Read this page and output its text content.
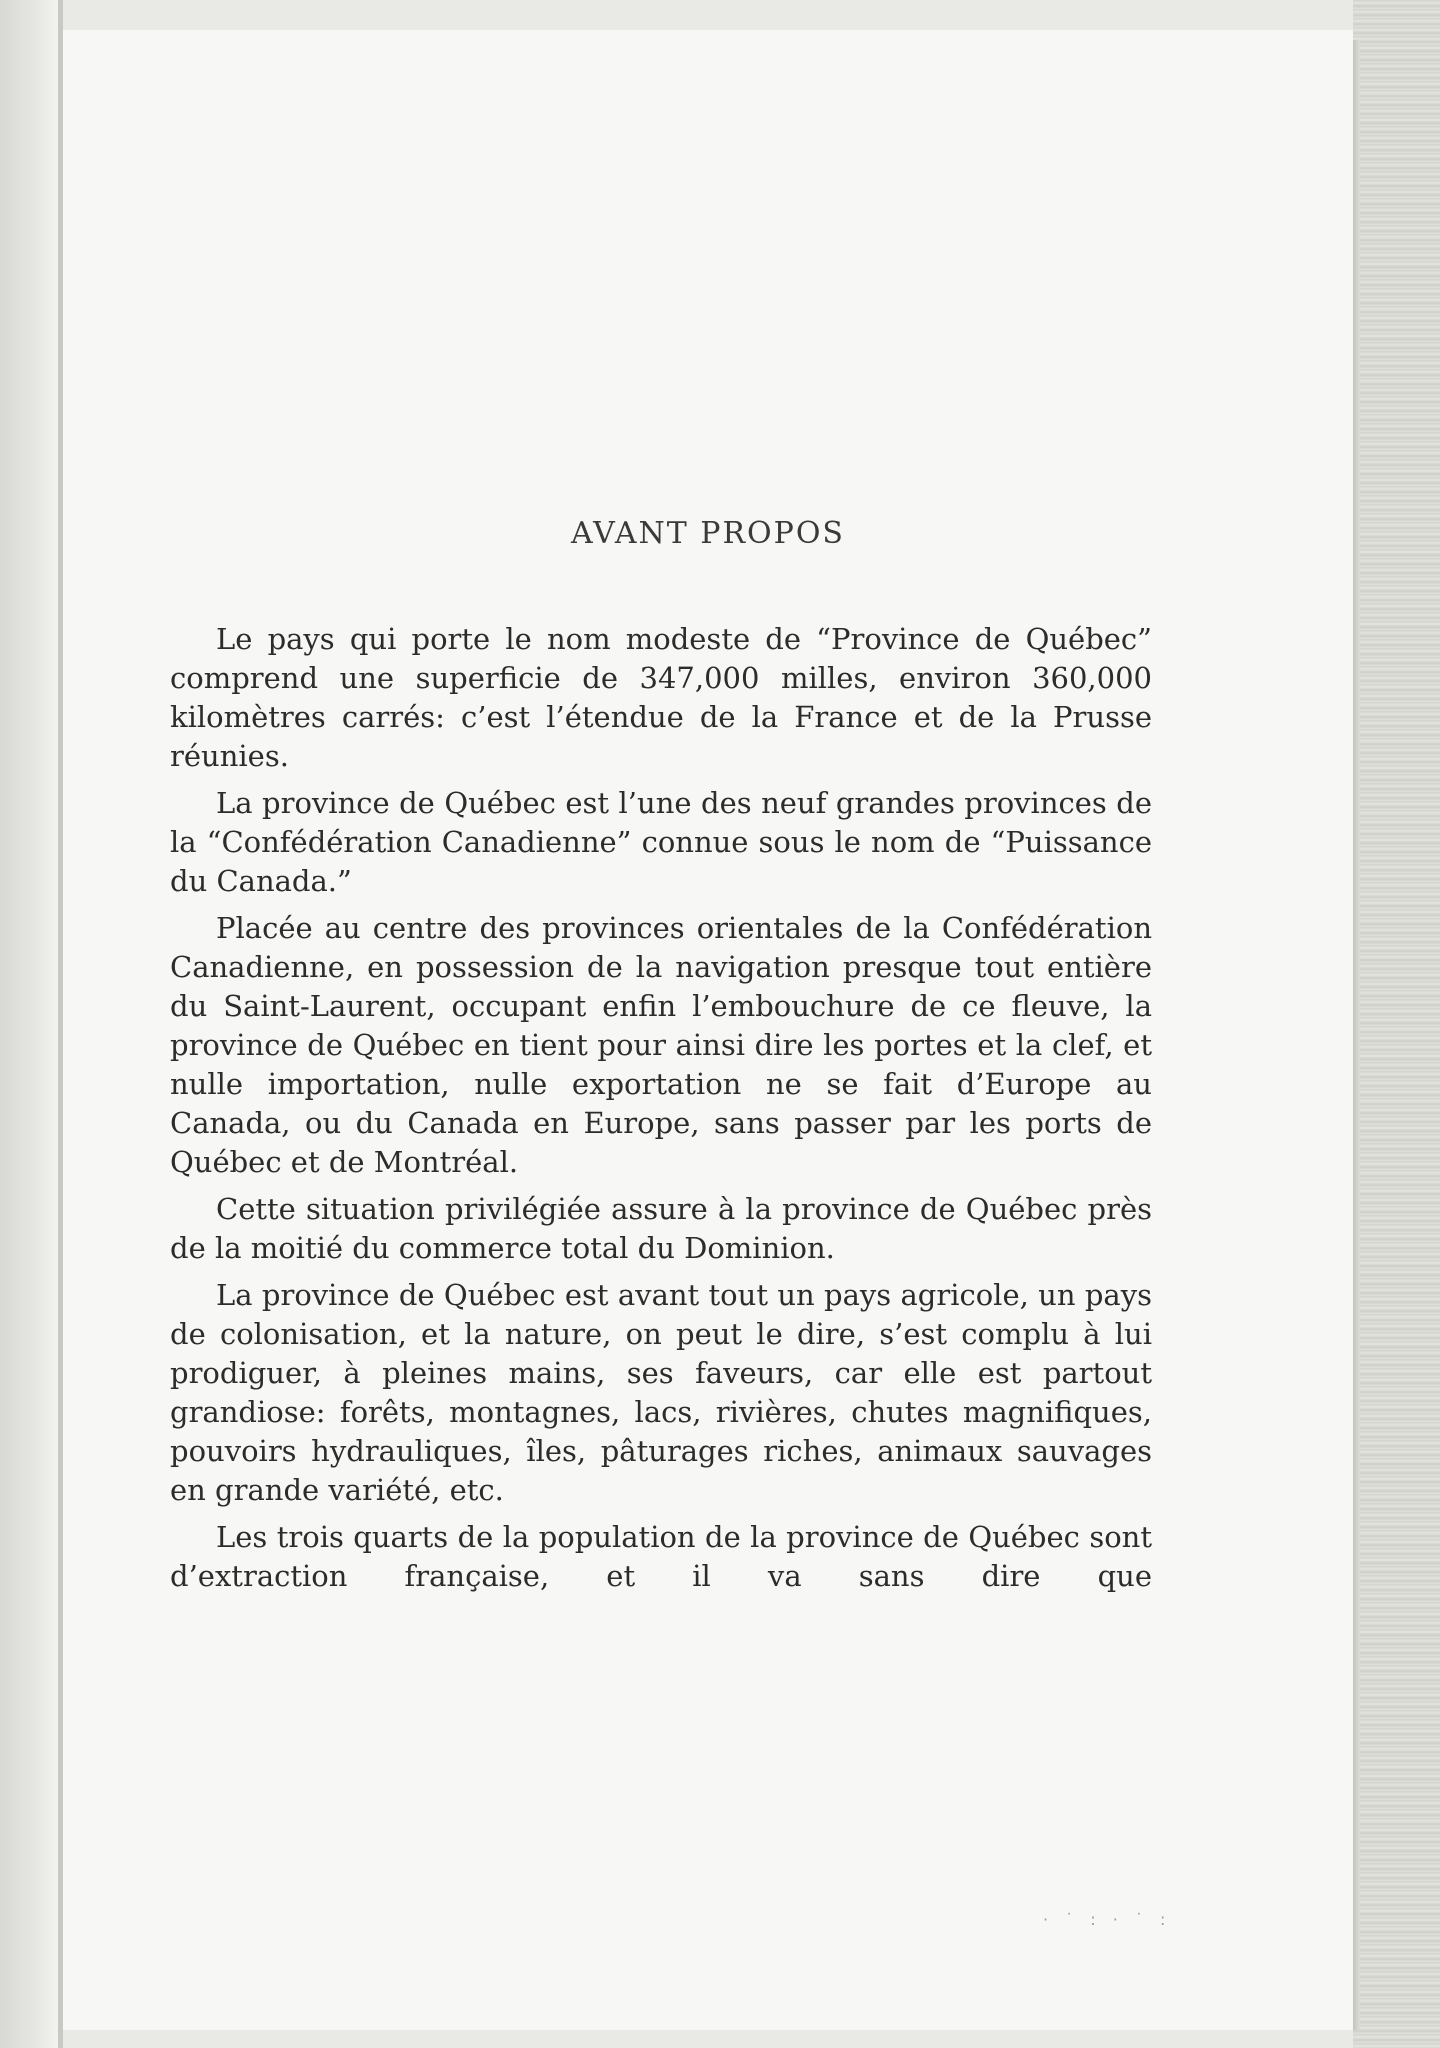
AVANT PROPOS

Le pays qui porte le nom modeste de “Province de Québec” comprend une superficie de 347,000 milles, environ 360,000 kilomètres carrés: c’est l’étendue de la France et de la Prusse réunies.

La province de Québec est l’une des neuf grandes provinces de la “Confédération Canadienne” connue sous le nom de “Puissance du Canada.”

Placée au centre des provinces orientales de la Confédération Canadienne, en possession de la navigation presque tout entière du Saint-Laurent, occupant enfin l’embouchure de ce fleuve, la province de Québec en tient pour ainsi dire les portes et la clef, et nulle importation, nulle exportation ne se fait d’Europe au Canada, ou du Canada en Europe, sans passer par les ports de Québec et de Montréal.

Cette situation privilégiée assure à la province de Québec près de la moitié du commerce total du Dominion.

La province de Québec est avant tout un pays agricole, un pays de colonisation, et la nature, on peut le dire, s’est complu à lui prodiguer, à pleines mains, ses faveurs, car elle est partout grandiose: forêts, montagnes, lacs, rivières, chutes magnifiques, pouvoirs hydrauliques, îles, pâturages riches, animaux sauvages en grande variété, etc.

Les trois quarts de la population de la province de Québec sont d’extraction française, et il va sans dire que

· ˙ : · ˙ :
